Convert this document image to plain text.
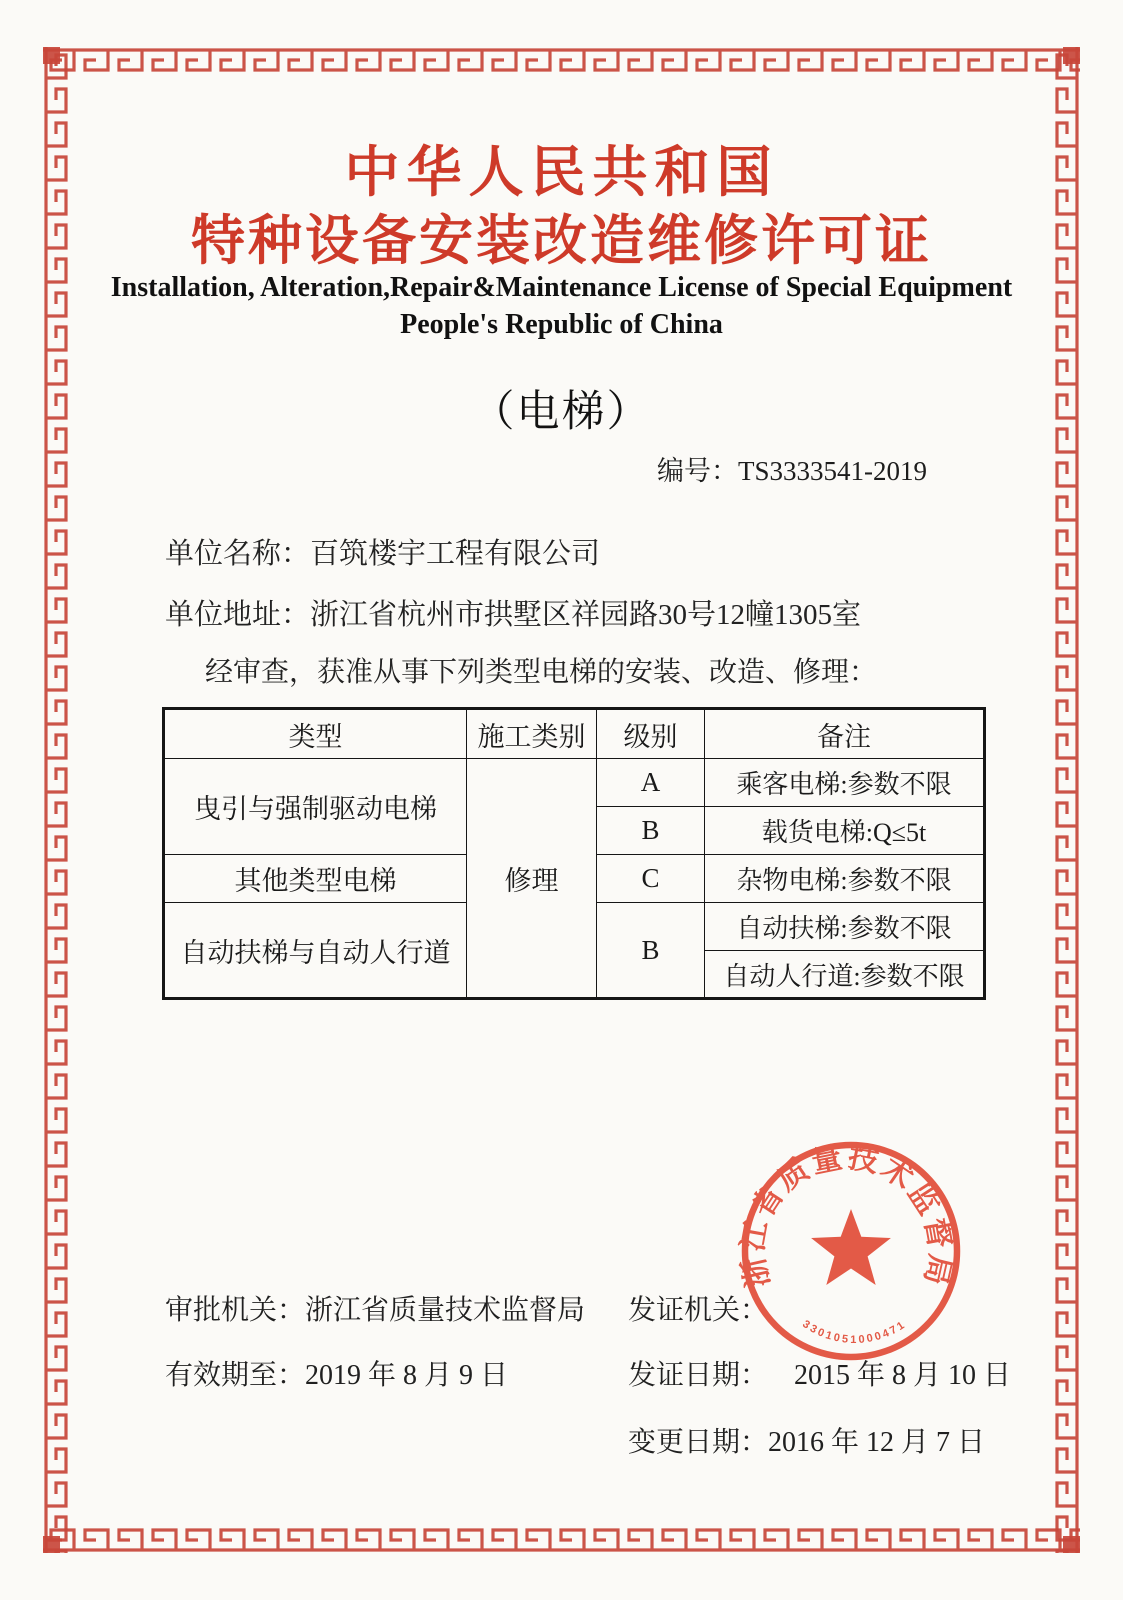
中华人民共和国
特种设备安装改造维修许可证
Installation, Alteration,Repair&Maintenance License of Special Equipment
People's Republic of China
（电梯）
编号：TS3333541-2019
单位名称：百筑楼宇工程有限公司
单位地址：浙江省杭州市拱墅区祥园路30号12幢1305室
经审查，获准从事下列类型电梯的安装、改造、修理：
类型	施工类别	级别	备注
曳引与强制驱动电梯	修理	A	乘客电梯:参数不限
		B	载货电梯:Q≤5t
其他类型电梯		C	杂物电梯:参数不限
自动扶梯与自动人行道		B	自动扶梯:参数不限
			自动人行道:参数不限
审批机关：浙江省质量技术监督局
有效期至：2019 年 8 月 9 日
发证机关：
发证日期： 2015 年 8 月 10 日
变更日期：2016 年 12 月 7 日
浙江省质量技术监督局
3301051000471
